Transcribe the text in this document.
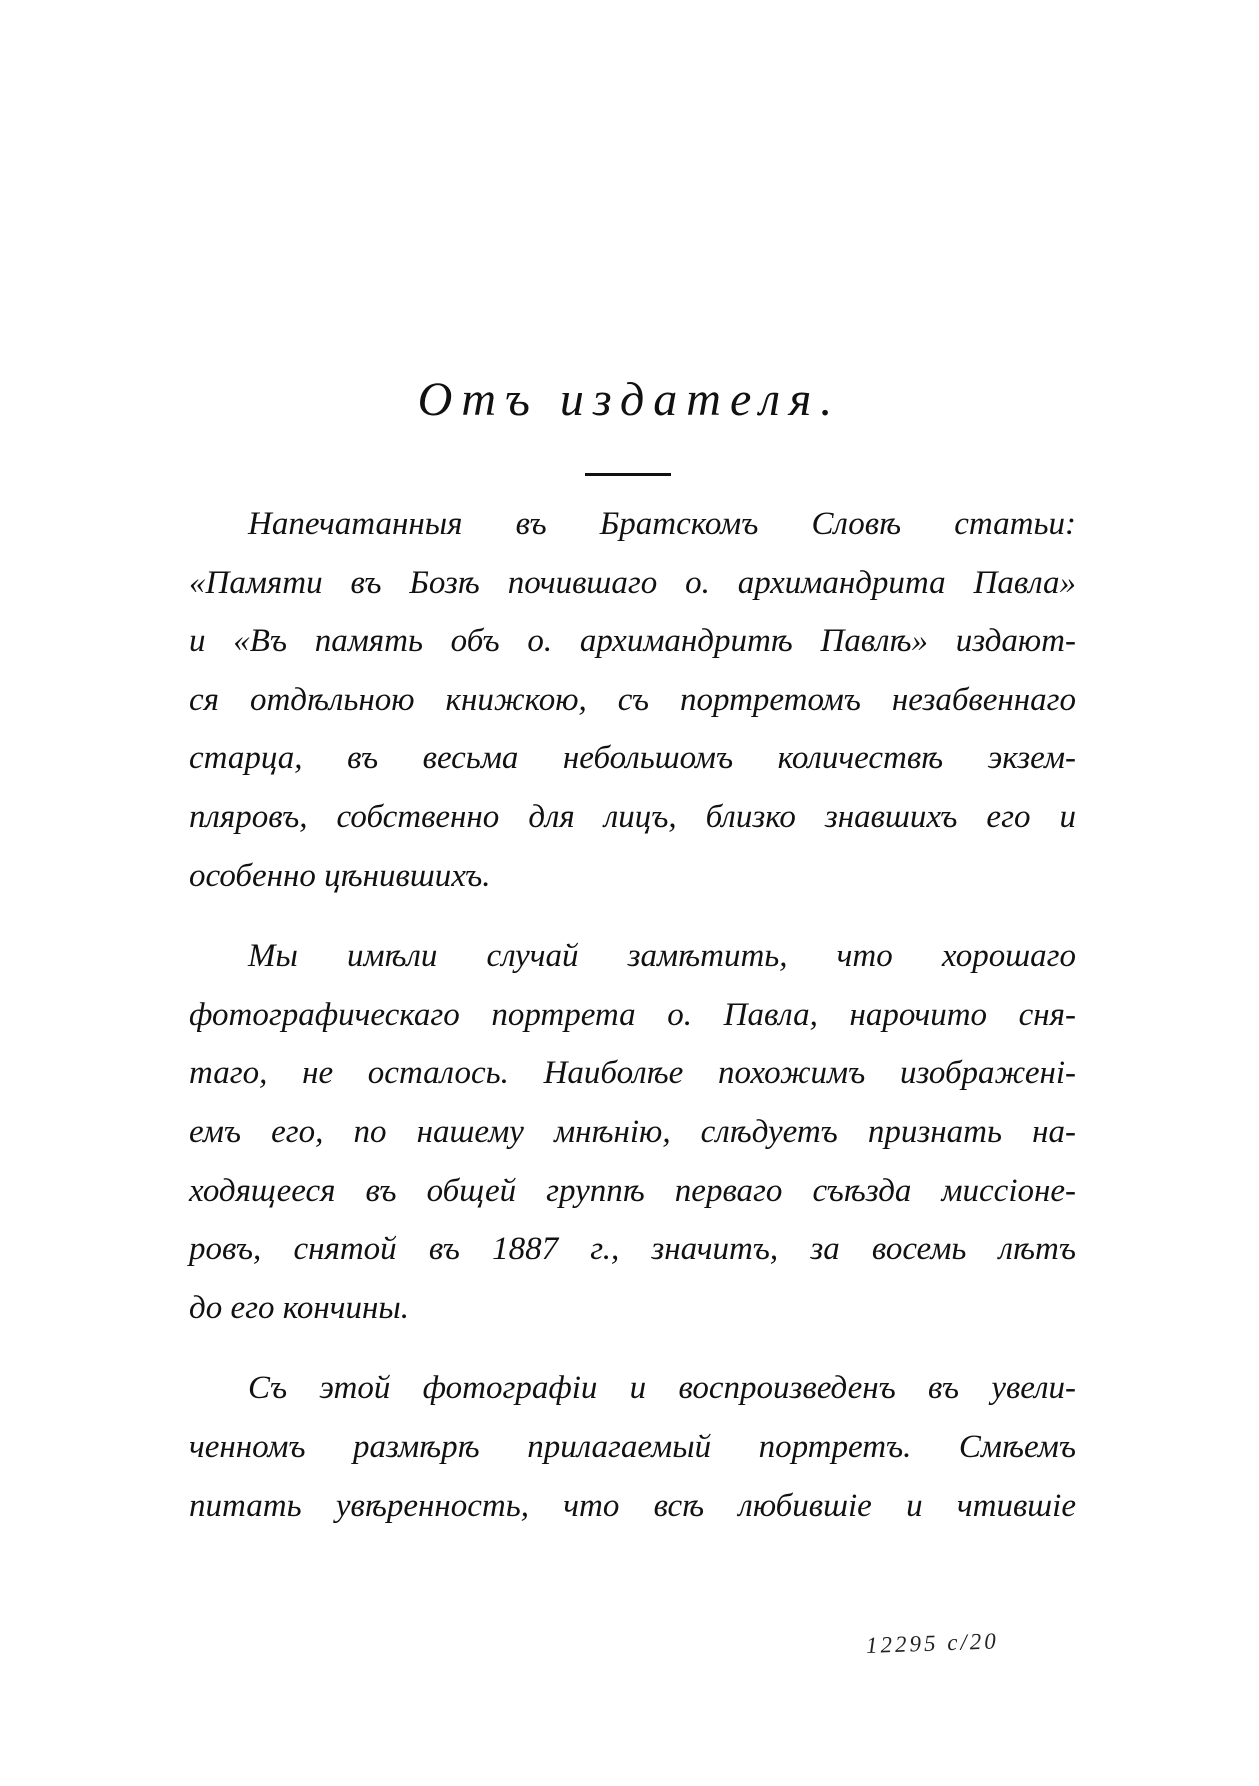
Отъ издателя.
Напечатанныя въ Братскомъ Словѣ статьи:
«Памяти въ Бозѣ почившаго о. архимандрита Павла»
и «Въ память объ о. архимандритѣ Павлѣ» издают-
ся отдѣльною книжкою, съ портретомъ незабвеннаго
старца, въ весьма небольшомъ количествѣ экзем-
пляровъ, собственно для лицъ, близко знавшихъ его и
особенно цѣнившихъ.
Мы имѣли случай замѣтить, что хорошаго
фотографическаго портрета о. Павла, нарочито сня-
таго, не осталось. Наиболѣе похожимъ изображені-
емъ его, по нашему мнѣнію, слѣдуетъ признать на-
ходящееся въ общей группѣ перваго съѣзда миссіоне-
ровъ, снятой въ 1887 г., значитъ, за восемь лѣтъ
до его кончины.
Съ этой фотографіи и воспроизведенъ въ увели-
ченномъ размѣрѣ прилагаемый портретъ. Смѣемъ
питать увѣренность, что всѣ любившіе и чтившіе
12295 с/20
